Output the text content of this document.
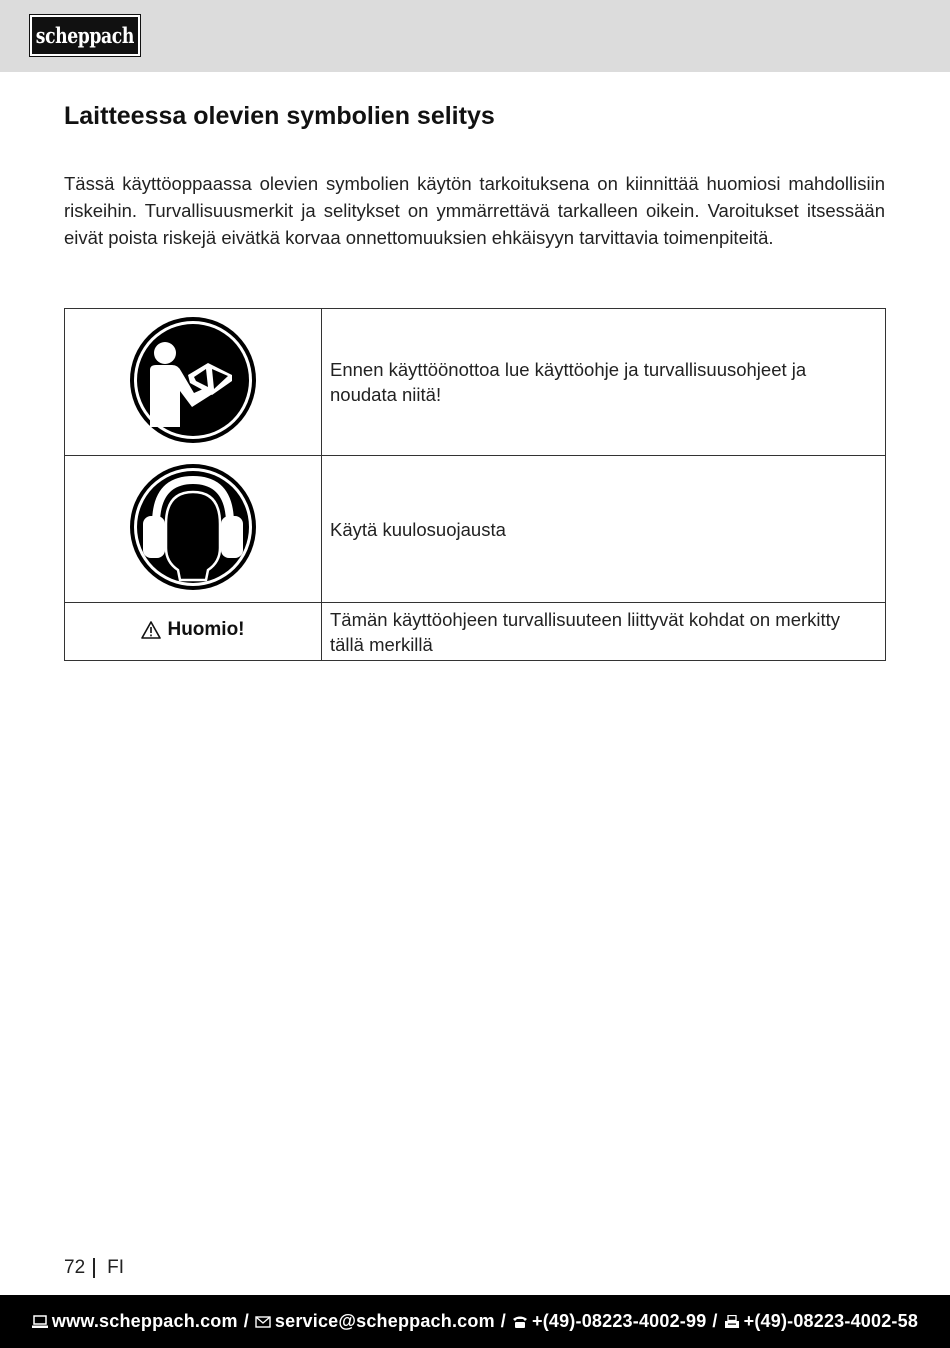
scheppach
Laitteessa olevien symbolien selitys

Tässä käyttöoppaassa olevien symbolien käytön tarkoituksena on kiinnittää huomiosi mahdollisiin riskeihin. Turvallisuusmerkit ja selitykset on ymmärrettävä tarkalleen oikein. Varoitukset itsessään eivät poista riskejä eivätkä korvaa onnettomuuksien ehkäisyyn tarvittavia toimenpiteitä.

	Ennen käyttöönottoa lue käyttöohje ja turvallisuusohjeet ja noudata niitä!
	Käytä kuulosuojausta

Huomio!	Tämän käyttöohjeen turvallisuuteen liittyvät kohdat on merkitty tällä merkillä
72 FI
www.scheppach.com / service@scheppach.com / +(49)-08223-4002-99 / +(49)-08223-4002-58
